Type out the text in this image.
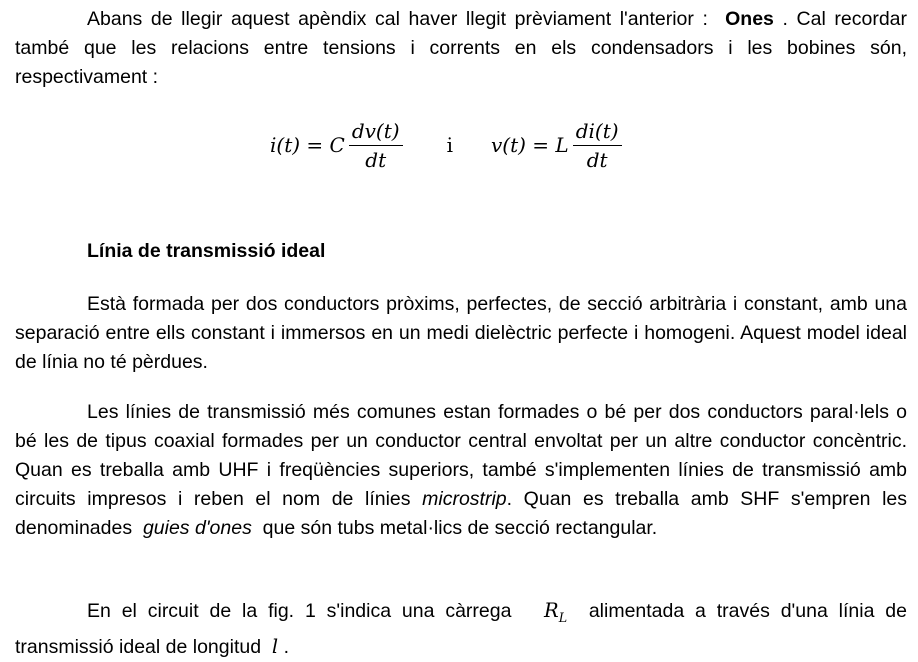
Abans de llegir aquest apèndix cal haver llegit prèviament l'anterior : Ones . Cal recordar també que les relacions entre tensions i corrents en els condensadors i les bobines són, respectivament :

i(t) = C $\frac{dv(t)}{dt}$ i v(t) = L $\frac{di(t)}{dt}$
Línia de transmissió ideal

Està formada per dos conductors pròxims, perfectes, de secció arbitrària i constant, amb una separació entre ells constant i immersos en un medi dielèctric perfecte i homogeni. Aquest model ideal de línia no té pèrdues.

Les línies de transmissió més comunes estan formades o bé per dos conductors paral·lels o bé les de tipus coaxial formades per un conductor central envoltat per un altre conductor concèntric. Quan es treballa amb UHF i freqüències superiors, també s'implementen línies de transmissió amb circuits impresos i reben el nom de línies microstrip. Quan es treballa amb SHF s'empren les denominades guies d'ones que són tubs metal·lics de secció rectangular.

En el circuit de la fig. 1 s'indica una càrrega $R_L$ alimentada a través d'una línia de transmissió ideal de longitud l .
